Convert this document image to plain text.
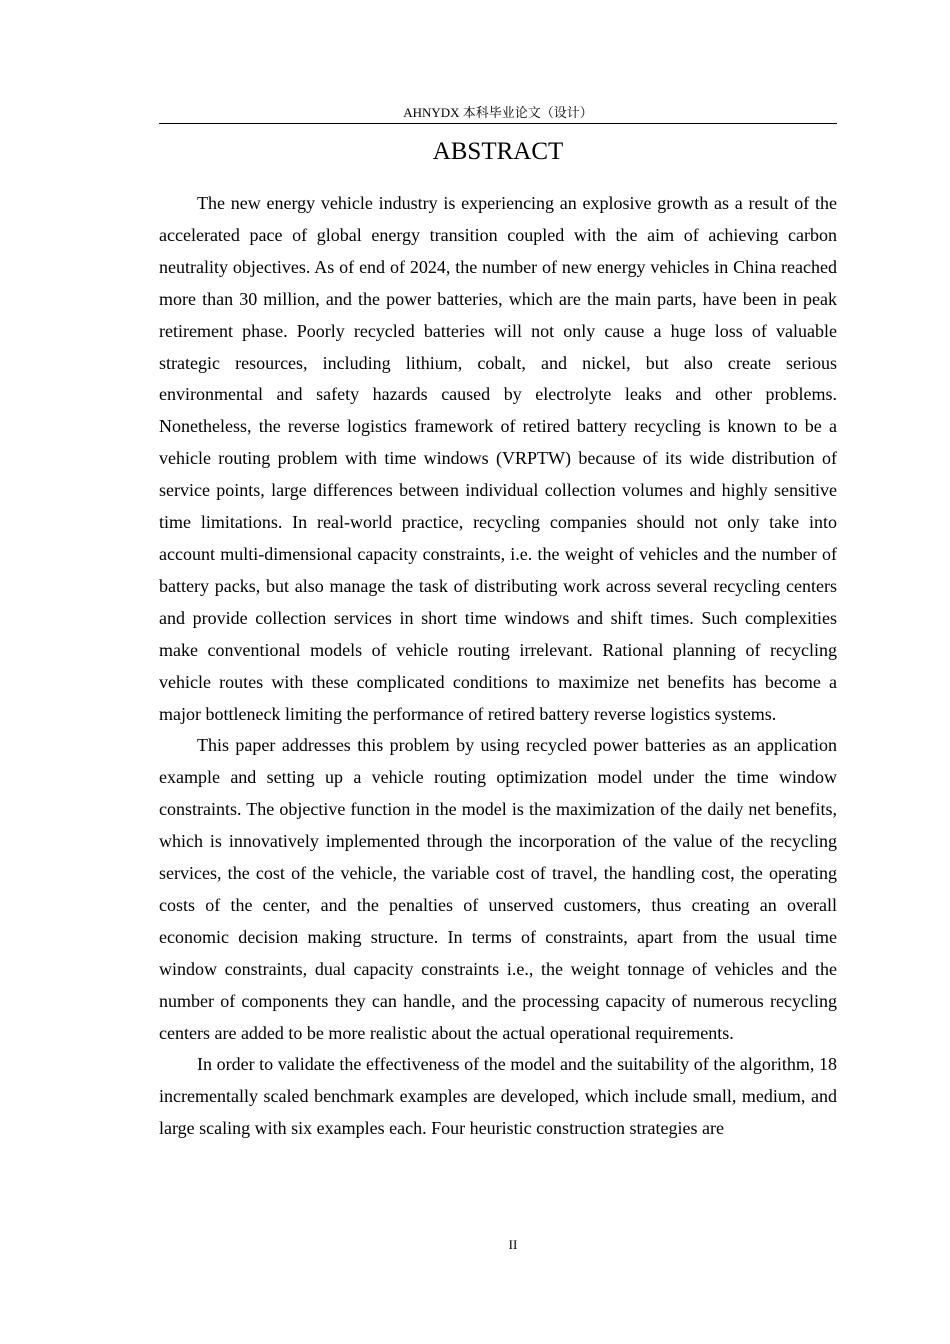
AHNYDX 本科毕业论文（设计）
ABSTRACT

The new energy vehicle industry is experiencing an explosive growth as a result of the accelerated pace of global energy transition coupled with the aim of achieving carbon neutrality objectives. As of end of 2024, the number of new energy vehicles in China reached more than 30 million, and the power batteries, which are the main parts, have been in peak retirement phase. Poorly recycled batteries will not only cause a huge loss of valuable strategic resources, including lithium, cobalt, and nickel, but also create serious environmental and safety hazards caused by electrolyte leaks and other problems. Nonetheless, the reverse logistics framework of retired battery recycling is known to be a vehicle routing problem with time windows (VRPTW) because of its wide distribution of service points, large differences between individual collection volumes and highly sensitive time limitations. In real-world practice, recycling companies should not only take into account multi-dimensional capacity constraints, i.e. the weight of vehicles and the number of battery packs, but also manage the task of distributing work across several recycling centers and provide collection services in short time windows and shift times. Such complexities make conventional models of vehicle routing irrelevant. Rational planning of recycling vehicle routes with these complicated conditions to maximize net benefits has become a major bottleneck limiting the performance of retired battery reverse logistics systems.

This paper addresses this problem by using recycled power batteries as an application example and setting up a vehicle routing optimization model under the time window constraints. The objective function in the model is the maximization of the daily net benefits, which is innovatively implemented through the incorporation of the value of the recycling services, the cost of the vehicle, the variable cost of travel, the handling cost, the operating costs of the center, and the penalties of unserved customers, thus creating an overall economic decision making structure. In terms of constraints, apart from the usual time window constraints, dual capacity constraints i.e., the weight tonnage of vehicles and the number of components they can handle, and the processing capacity of numerous recycling centers are added to be more realistic about the actual operational requirements.

In order to validate the effectiveness of the model and the suitability of the algorithm, 18 incrementally scaled benchmark examples are developed, which include small, medium, and large scaling with six examples each. Four heuristic construction strategies are

II
